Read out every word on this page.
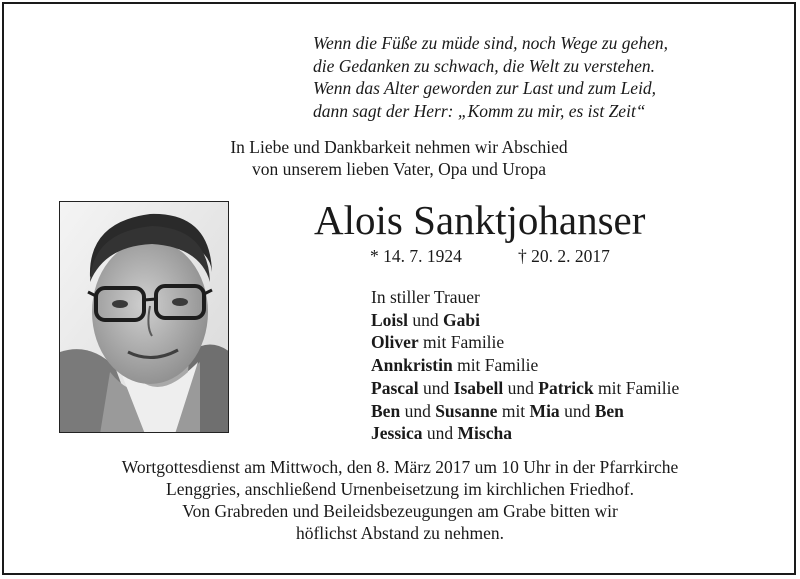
Wenn die Füße zu müde sind, noch Wege zu gehen,
die Gedanken zu schwach, die Welt zu verstehen.
Wenn das Alter geworden zur Last und zum Leid,
dann sagt der Herr: „Komm zu mir, es ist Zeit“
In Liebe und Dankbarkeit nehmen wir Abschied
von unserem lieben Vater, Opa und Uropa
Alois Sanktjohanser
* 14. 7. 1924	† 20. 2. 2017
In stiller Trauer
Loisl und Gabi
Oliver mit Familie
Annkristin mit Familie
Pascal und Isabell und Patrick mit Familie
Ben und Susanne mit Mia und Ben
Jessica und Mischa
Wortgottesdienst am Mittwoch, den 8. März 2017 um 10 Uhr in der Pfarrkirche
Lenggries, anschließend Urnenbeisetzung im kirchlichen Friedhof.
Von Grabreden und Beileidsbezeugungen am Grabe bitten wir
höflichst Abstand zu nehmen.
